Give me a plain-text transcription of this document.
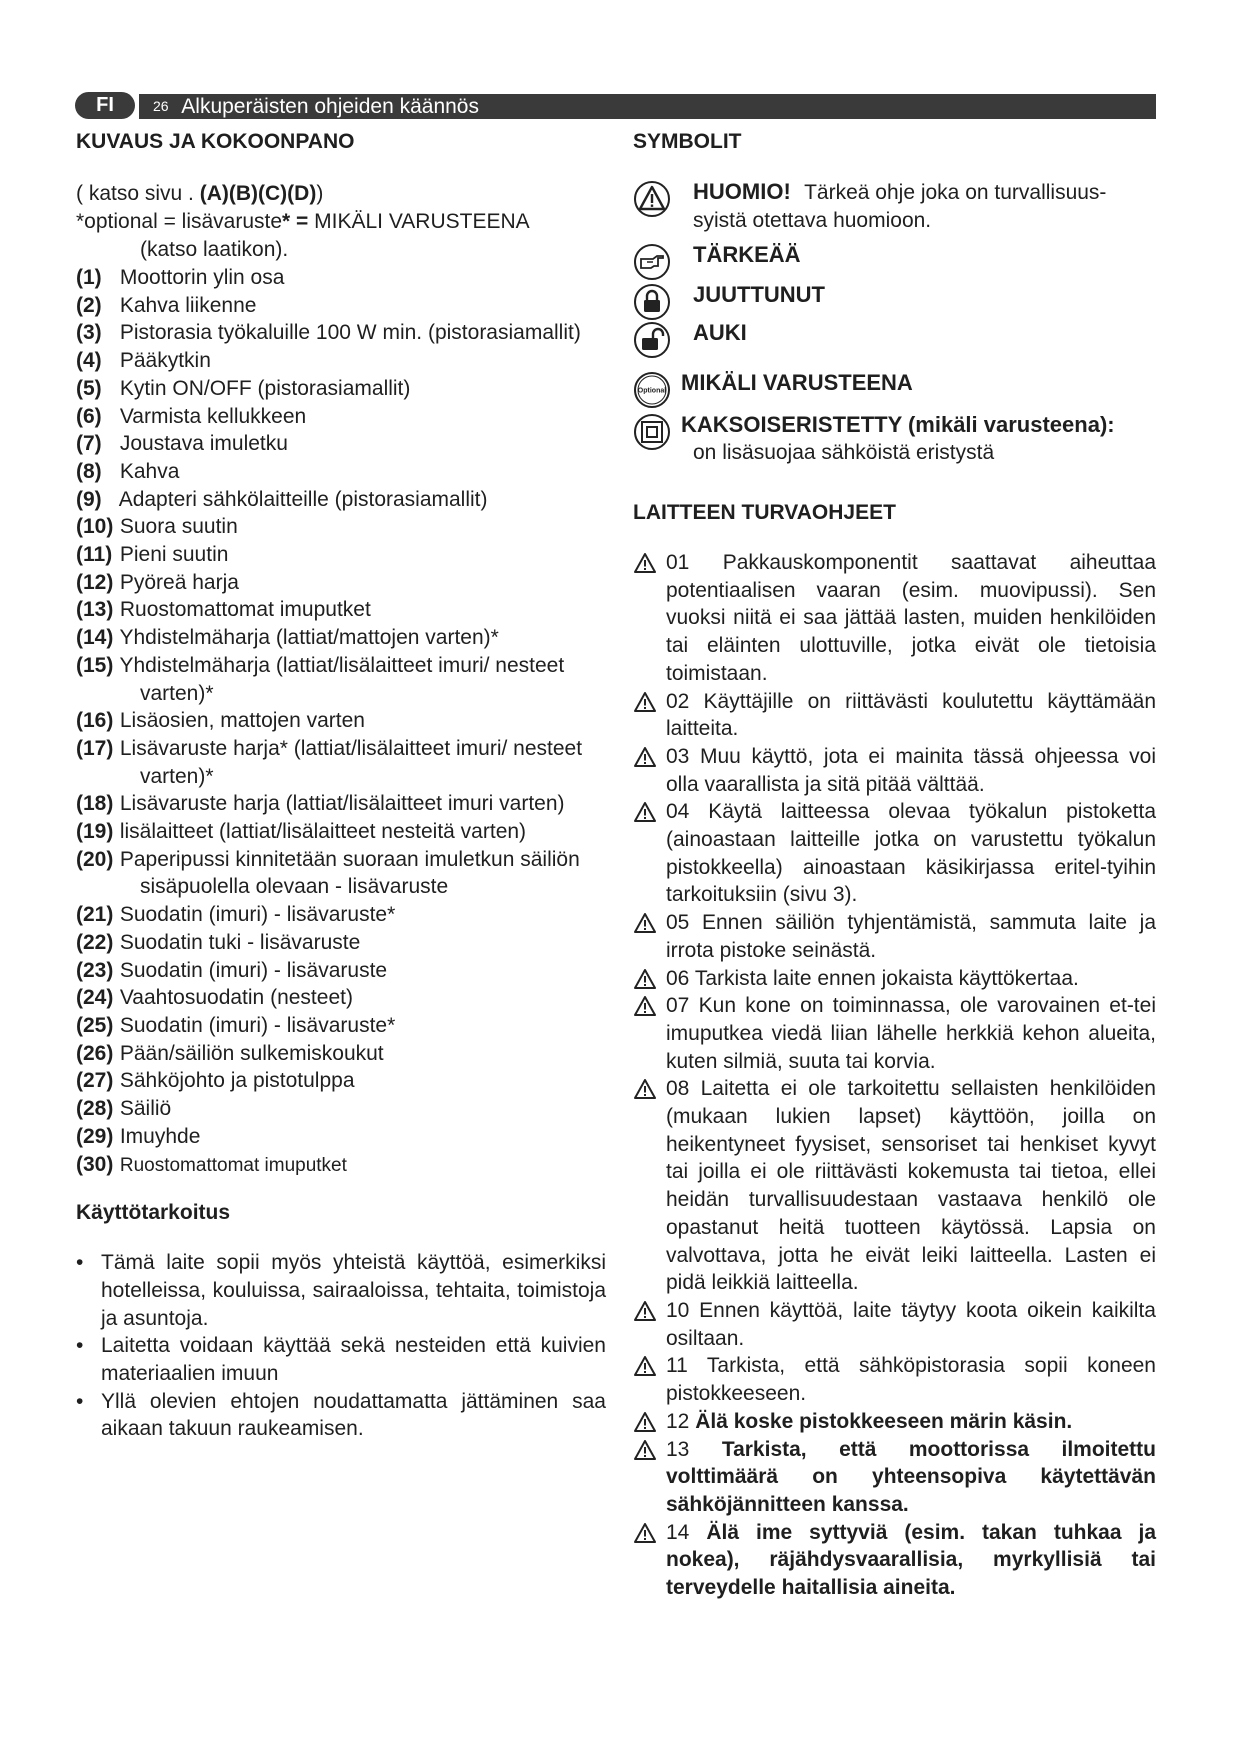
FI	26 Alkuperäisten ohjeiden käännös

KUVAUS JA KOKOONPANO

( katso sivu . (A)(B)(C)(D))
*optional = lisävaruste* = MIKÄLI VARUSTEENA
(katso laatikon).
(1) Moottorin ylin osa
(2) Kahva liikenne
(3) Pistorasia työkaluille 100 W min. (pistorasiamallit)
(4) Pääkytkin
(5) Kytin ON/OFF (pistorasiamallit)
(6) Varmista kellukkeen
(7) Joustava imuletku
(8) Kahva
(9) Adapteri sähkölaitteille (pistorasiamallit)
(10) Suora suutin
(11) Pieni suutin
(12) Pyöreä harja
(13) Ruostomattomat imuputket
(14) Yhdistelmäharja (lattiat/mattojen varten)*
(15) Yhdistelmäharja (lattiat/lisälaitteet imuri/ nesteet varten)*
(16) Lisäosien, mattojen varten
(17) Lisävaruste harja* (lattiat/lisälaitteet imuri/ nesteet varten)*
(18) Lisävaruste harja (lattiat/lisälaitteet imuri varten)
(19) lisälaitteet (lattiat/lisälaitteet nesteitä varten)
(20) Paperipussi kinnitetään suoraan imuletkun säiliön sisäpuolella olevaan - lisävaruste
(21) Suodatin (imuri) - lisävaruste*
(22) Suodatin tuki - lisävaruste
(23) Suodatin (imuri) - lisävaruste
(24) Vaahtosuodatin (nesteet)
(25) Suodatin (imuri) - lisävaruste*
(26) Pään/säiliön sulkemiskoukut
(27) Sähköjohto ja pistotulppa
(28) Säiliö
(29) Imuyhde
(30) Ruostomattomat imuputket

Käyttötarkoitus

• Tämä laite sopii myös yhteistä käyttöä, esimerkiksi hotelleissa, kouluissa, sairaaloissa, tehtaita, toimistoja ja asuntoja.
• Laitetta voidaan käyttää sekä nesteiden että kuivien materiaalien imuun
• Yllä olevien ehtojen noudattamatta jättäminen saa aikaan takuun raukeamisen.

SYMBOLIT

HUOMIO! Tärkeä ohje joka on turvallisuus-syistä otettava huomioon.
TÄRKEÄÄ
JUUTTUNUT
AUKI
Optional MIKÄLI VARUSTEENA
KAKSOISERISTETTY (mikäli varusteena):
on lisäsuojaa sähköistä eristystä

LAITTEEN TURVAOHJEET

01 Pakkauskomponentit saattavat aiheuttaa potentiaalisen vaaran (esim. muovipussi). Sen vuoksi niitä ei saa jättää lasten, muiden henkilöiden tai eläinten ulottuville, jotka eivät ole tietoisia toimistaan.
02 Käyttäjille on riittävästi koulutettu käyttämään laitteita.
03 Muu käyttö, jota ei mainita tässä ohjeessa voi olla vaarallista ja sitä pitää välttää.
04 Käytä laitteessa olevaa työkalun pistoketta (ainoastaan laitteille jotka on varustettu työkalun pistokkeella) ainoastaan käsikirjassa eritel-tyihin tarkoituksiin (sivu 3).
05 Ennen säiliön tyhjentämistä, sammuta laite ja irrota pistoke seinästä.
06 Tarkista laite ennen jokaista käyttökertaa.
07 Kun kone on toiminnassa, ole varovainen et-tei imuputkea viedä liian lähelle herkkiä kehon alueita, kuten silmiä, suuta tai korvia.
08 Laitetta ei ole tarkoitettu sellaisten henkilöiden (mukaan lukien lapset) käyttöön, joilla on heikentyneet fyysiset, sensoriset tai henkiset kyvyt tai joilla ei ole riittävästi kokemusta tai tietoa, ellei heidän turvallisuudestaan vastaava henkilö ole opastanut heitä tuotteen käytössä. Lapsia on valvottava, jotta he eivät leiki laitteella. Lasten ei pidä leikkiä laitteella.
10 Ennen käyttöä, laite täytyy koota oikein kaikilta osiltaan.
11 Tarkista, että sähköpistorasia sopii koneen pistokkeeseen.
12 Älä koske pistokkeeseen märin käsin.
13 Tarkista, että moottorissa ilmoitettu volttimäärä on yhteensopiva käytettävän sähköjännitteen kanssa.
14 Älä ime syttyviä (esim. takan tuhkaa ja nokea), räjähdysvaarallisia, myrkyllisiä tai terveydelle haitallisia aineita.
